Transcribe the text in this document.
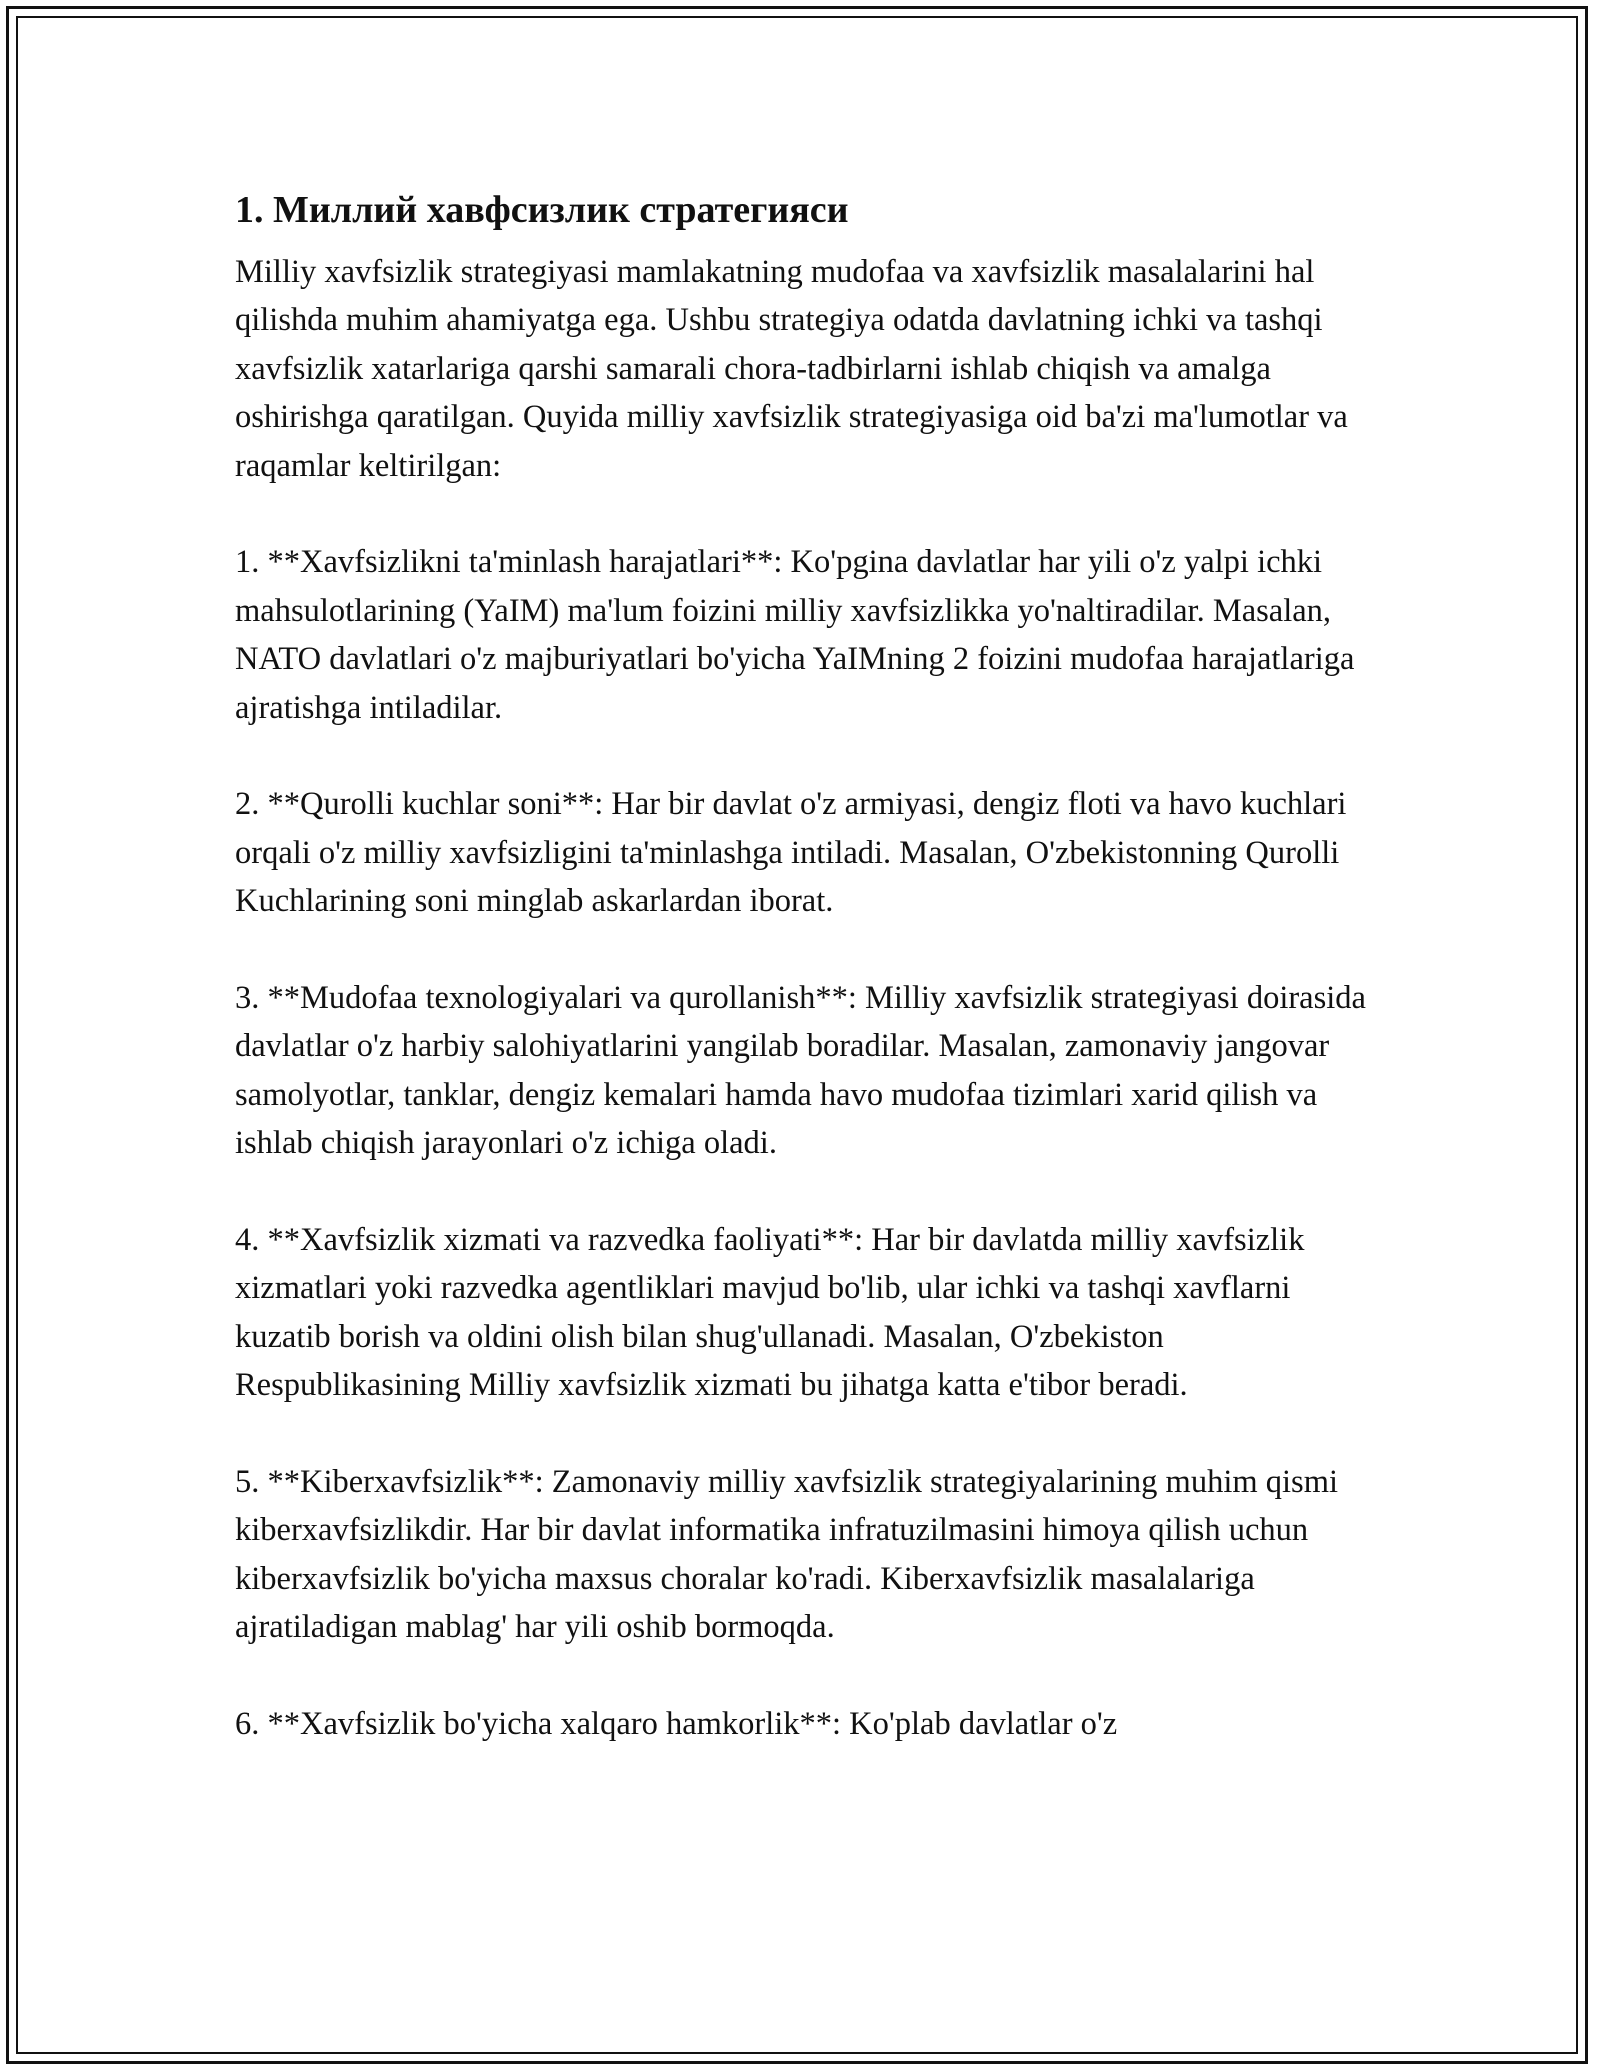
1. Миллий хавфсизлик стратегияси

Milliy xavfsizlik strategiyasi mamlakatning mudofaa va xavfsizlik masalalarini hal qilishda muhim ahamiyatga ega. Ushbu strategiya odatda davlatning ichki va tashqi xavfsizlik xatarlariga qarshi samarali chora-tadbirlarni ishlab chiqish va amalga oshirishga qaratilgan. Quyida milliy xavfsizlik strategiyasiga oid ba'zi ma'lumotlar va raqamlar keltirilgan:

1. **Xavfsizlikni ta'minlash harajatlari**: Ko'pgina davlatlar har yili o'z yalpi ichki mahsulotlarining (YaIM) ma'lum foizini milliy xavfsizlikka yo'naltiradilar. Masalan, NATO davlatlari o'z majburiyatlari bo'yicha YaIMning 2 foizini mudofaa harajatlariga ajratishga intiladilar.

2. **Qurolli kuchlar soni**: Har bir davlat o'z armiyasi, dengiz floti va havo kuchlari orqali o'z milliy xavfsizligini ta'minlashga intiladi. Masalan, O'zbekistonning Qurolli Kuchlarining soni minglab askarlardan iborat.

3. **Mudofaa texnologiyalari va qurollanish**: Milliy xavfsizlik strategiyasi doirasida davlatlar o'z harbiy salohiyatlarini yangilab boradilar. Masalan, zamonaviy jangovar samolyotlar, tanklar, dengiz kemalari hamda havo mudofaa tizimlari xarid qilish va ishlab chiqish jarayonlari o'z ichiga oladi.

4. **Xavfsizlik xizmati va razvedka faoliyati**: Har bir davlatda milliy xavfsizlik xizmatlari yoki razvedka agentliklari mavjud bo'lib, ular ichki va tashqi xavflarni kuzatib borish va oldini olish bilan shug'ullanadi. Masalan, O'zbekiston Respublikasining Milliy xavfsizlik xizmati bu jihatga katta e'tibor beradi.

5. **Kiberxavfsizlik**: Zamonaviy milliy xavfsizlik strategiyalarining muhim qismi kiberxavfsizlikdir. Har bir davlat informatika infratuzilmasini himoya qilish uchun kiberxavfsizlik bo'yicha maxsus choralar ko'radi. Kiberxavfsizlik masalalariga ajratiladigan mablag' har yili oshib bormoqda.

6. **Xavfsizlik bo'yicha xalqaro hamkorlik**: Ko'plab davlatlar o'z
